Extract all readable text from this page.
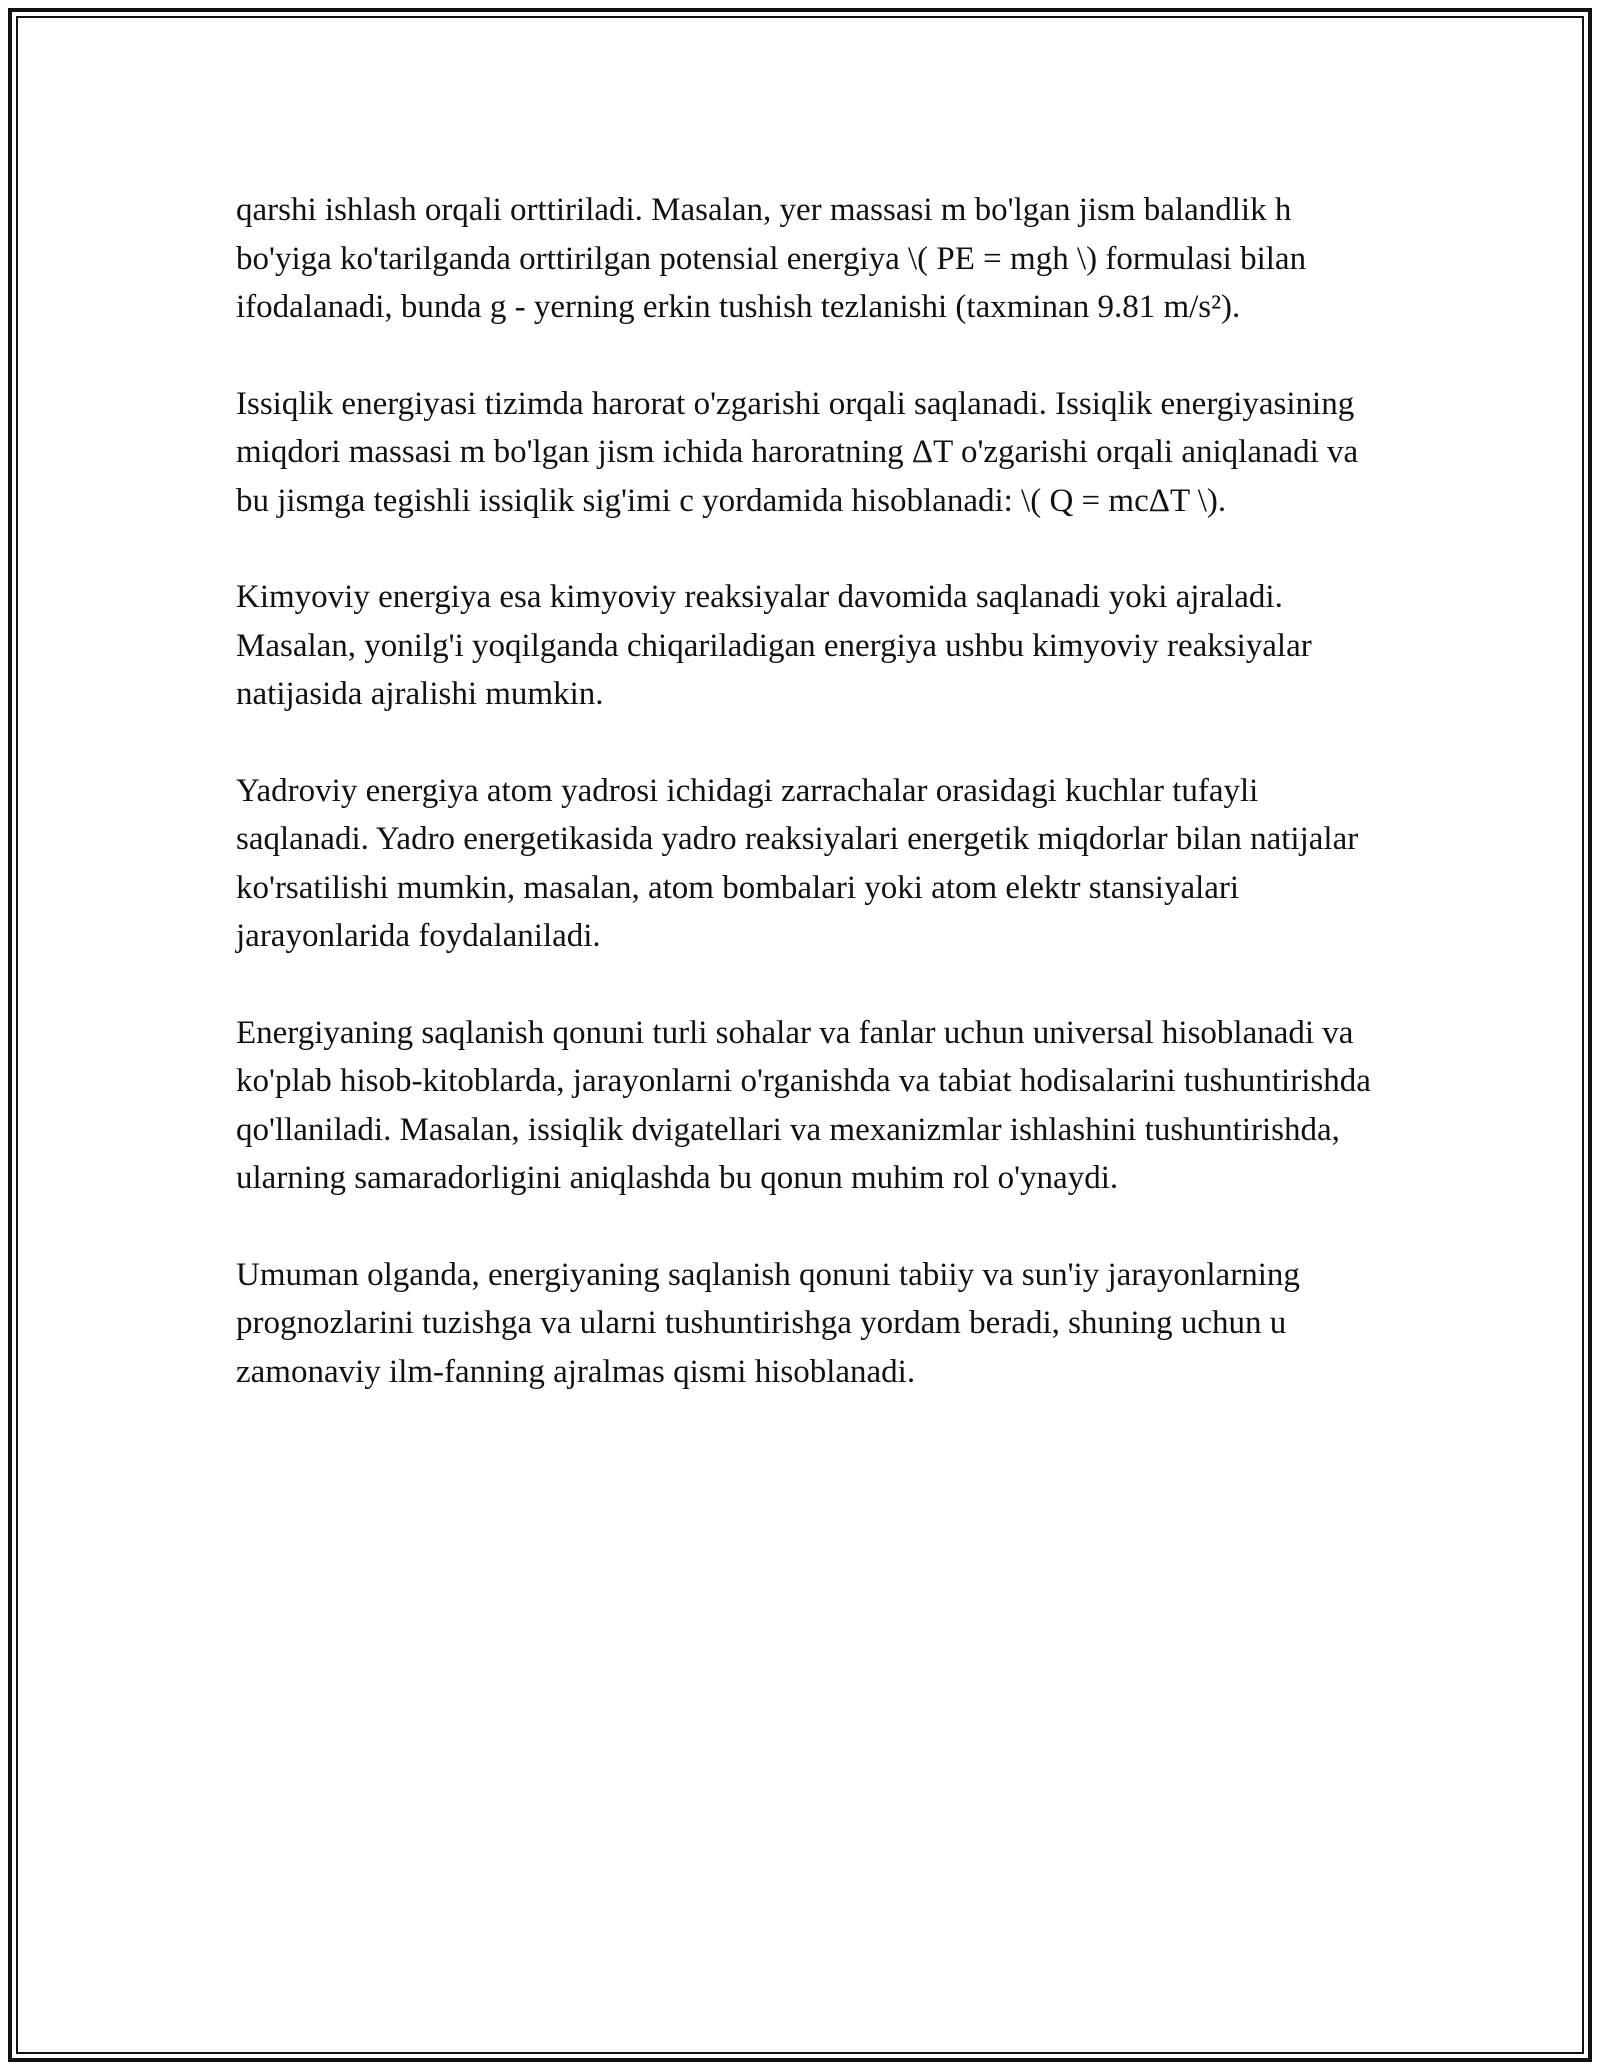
qarshi ishlash orqali orttiriladi. Masalan, yer massasi m bo'lgan jism balandlik h bo'yiga ko'tarilganda orttirilgan potensial energiya \( PE = mgh \) formulasi bilan ifodalanadi, bunda g - yerning erkin tushish tezlanishi (taxminan 9.81 m/s²).

Issiqlik energiyasi tizimda harorat o'zgarishi orqali saqlanadi. Issiqlik energiyasining miqdori massasi m bo'lgan jism ichida haroratning ΔT o'zgarishi orqali aniqlanadi va bu jismga tegishli issiqlik sig'imi c yordamida hisoblanadi: \( Q = mcΔT \).

Kimyoviy energiya esa kimyoviy reaksiyalar davomida saqlanadi yoki ajraladi. Masalan, yonilg'i yoqilganda chiqariladigan energiya ushbu kimyoviy reaksiyalar natijasida ajralishi mumkin.

Yadroviy energiya atom yadrosi ichidagi zarrachalar orasidagi kuchlar tufayli saqlanadi. Yadro energetikasida yadro reaksiyalari energetik miqdorlar bilan natijalar ko'rsatilishi mumkin, masalan, atom bombalari yoki atom elektr stansiyalari jarayonlarida foydalaniladi.

Energiyaning saqlanish qonuni turli sohalar va fanlar uchun universal hisoblanadi va ko'plab hisob-kitoblarda, jarayonlarni o'rganishda va tabiat hodisalarini tushuntirishda qo'llaniladi. Masalan, issiqlik dvigatellari va mexanizmlar ishlashini tushuntirishda, ularning samaradorligini aniqlashda bu qonun muhim rol o'ynaydi.

Umuman olganda, energiyaning saqlanish qonuni tabiiy va sun'iy jarayonlarning prognozlarini tuzishga va ularni tushuntirishga yordam beradi, shuning uchun u zamonaviy ilm-fanning ajralmas qismi hisoblanadi.
